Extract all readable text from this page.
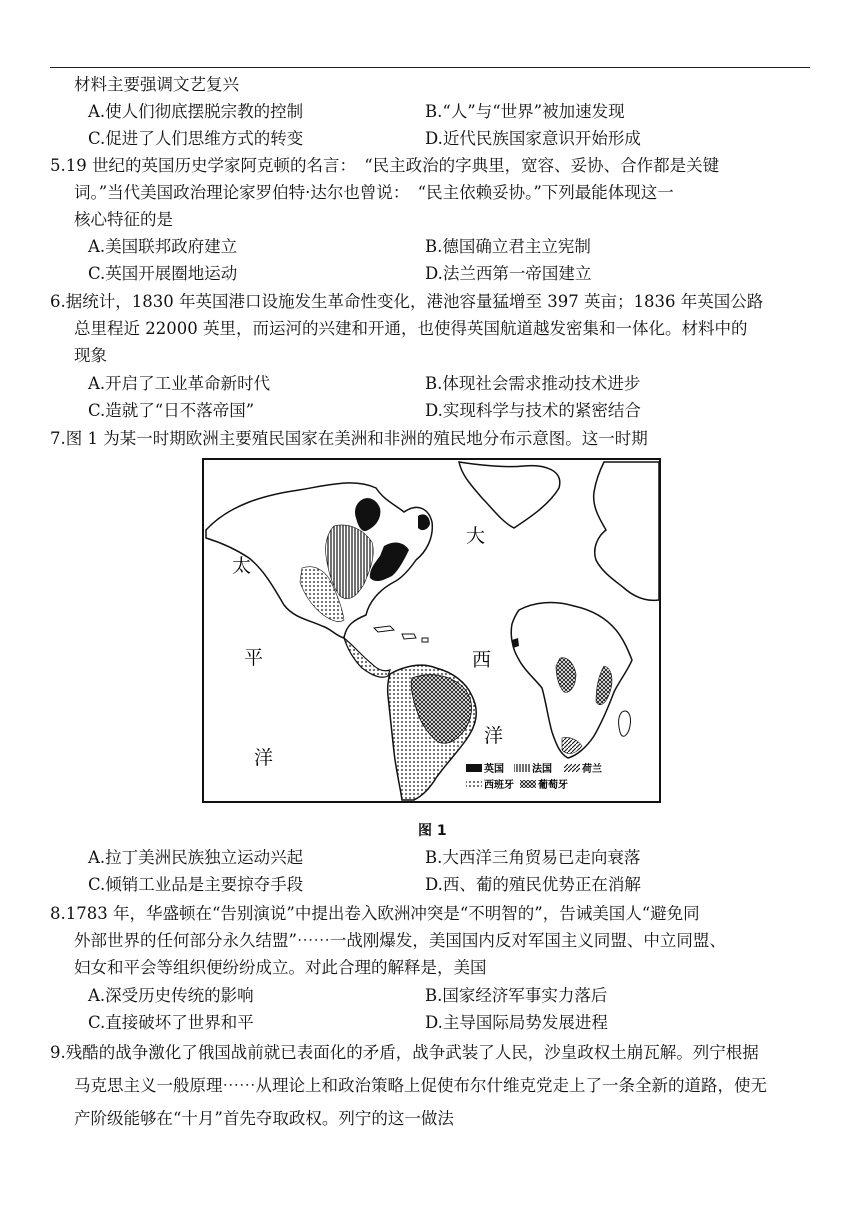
材料主要强调文艺复兴
A.使人们彻底摆脱宗教的控制	B.“人”与“世界”被加速发现
C.促进了人们思维方式的转变	D.近代民族国家意识开始形成
5.19 世纪的英国历史学家阿克顿的名言：　“民主政治的字典里，宽容、妥协、合作都是关键
词。”当代美国政治理论家罗伯特·达尔也曾说：　“民主依赖妥协。”下列最能体现这一
核心特征的是
A.美国联邦政府建立	B.德国确立君主立宪制
C.英国开展圈地运动	D.法兰西第一帝国建立
6.据统计，1830 年英国港口设施发生革命性变化，港池容量猛增至 397 英亩；1836 年英国公路
总里程近 22000 英里，而运河的兴建和开通，也使得英国航道越发密集和一体化。材料中的
现象
A.开启了工业革命新时代	B.体现社会需求推动技术进步
C.造就了“日不落帝国”	D.实现科学与技术的紧密结合
7.图 1 为某一时期欧洲主要殖民国家在美洲和非洲的殖民地分布示意图。这一时期
太
平
洋
大
西
洋
英国	法国	荷兰
西班牙 葡萄牙
图 1
A.拉丁美洲民族独立运动兴起	B.大西洋三角贸易已走向衰落
C.倾销工业品是主要掠夺手段	D.西、葡的殖民优势正在消解
8.1783 年，华盛顿在“告别演说”中提出卷入欧洲冲突是“不明智的”，告诫美国人“避免同
外部世界的任何部分永久结盟”⋯⋯一战刚爆发，美国国内反对军国主义同盟、中立同盟、
妇女和平会等组织便纷纷成立。对此合理的解释是，美国
A.深受历史传统的影响	B.国家经济军事实力落后
C.直接破坏了世界和平	D.主导国际局势发展进程
9.残酷的战争激化了俄国战前就已表面化的矛盾，战争武装了人民，沙皇政权土崩瓦解。列宁根据
马克思主义一般原理⋯⋯从理论上和政治策略上促使布尔什维克党走上了一条全新的道路，使无
产阶级能够在“十月”首先夺取政权。列宁的这一做法
